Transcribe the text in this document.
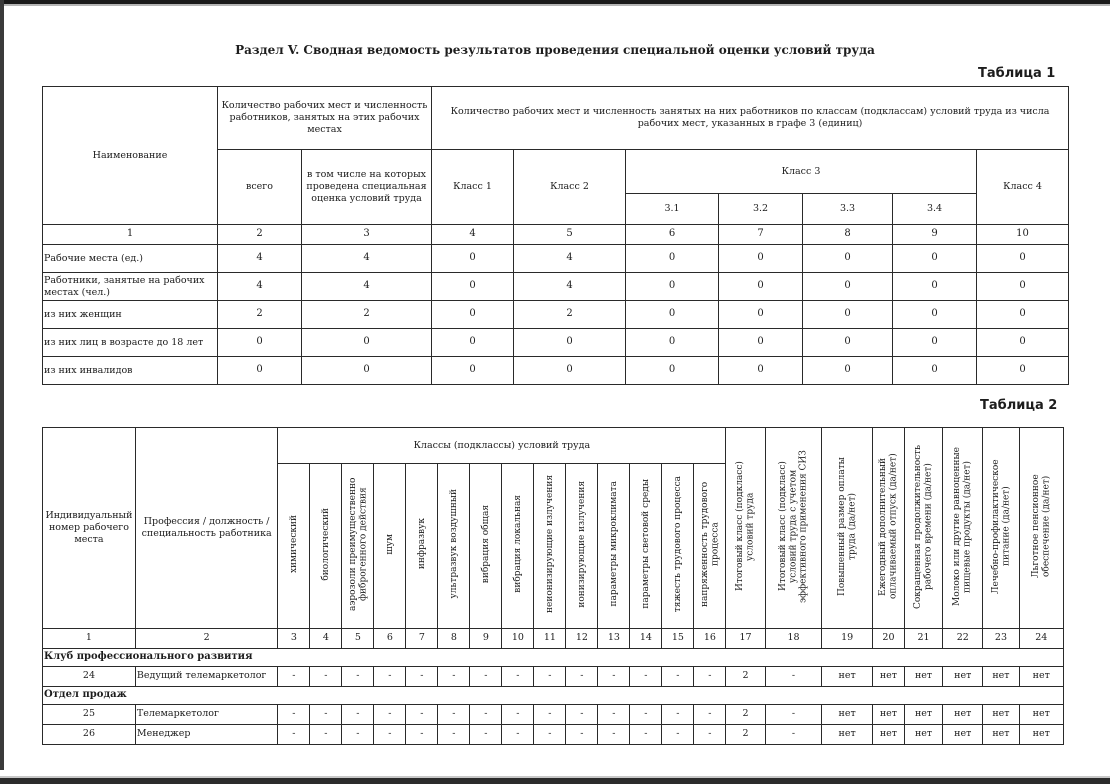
Раздел V. Сводная ведомость результатов проведения специальной оценки условий труда
Таблица 1
Наименование	Количество рабочих мест и численность работников, занятых на этих рабочих местах		Количество рабочих мест и численность занятых на них работников по классам (подклассам) условий труда из числа рабочих мест, указанных в графе 3 (единиц)						
	всего	в том числе на которых проведена специальная оценка условий труда	Класс 1	Класс 2	Класс 3				Класс 4
					3.1	3.2	3.3	3.4	
1	2	3	4	5	6	7	8	9	10
Рабочие места (ед.)	4	4	0	4	0	0	0	0	0
Работники, занятые на рабочих местах (чел.)	4	4	0	4	0	0	0	0	0
из них женщин	2	2	0	2	0	0	0	0	0
из них лиц в возрасте до 18 лет	0	0	0	0	0	0	0	0	0
из них инвалидов	0	0	0	0	0	0	0	0	0
Таблица 2
Индивидуальный номер рабочего места	Профессия / должность / специальность работника	Классы (подклассы) условий труда														Итоговый класс (подкласс) условий труда	Итоговый класс (подкласс) условий труда с учетом эффективного применения СИЗ	Повышенный размер оплаты труда (да/нет)	Ежегодный дополнительный оплачиваемый отпуск (да/нет)	Сокращенная продолжительность рабочего времени (да/нет)	Молоко или другие равноценные пищевые продукты (да/нет)	Лечебно-профилактическое питание (да/нет)	Льготное пенсионное обеспечение (да/нет)
		химический	биологический	аэрозоли преимущественно фиброгенного действия	шум	инфразвук	ультразвук воздушный	вибрация общая	вибрация локальная	неионизирующие излучения	ионизирующие излучения	параметры микроклимата	параметры световой среды	тяжесть трудового процесса	напряженность трудового процесса								
1	2	3	4	5	6	7	8	9	10	11	12	13	14	15	16	17	18	19	20	21	22	23	24
Клуб профессионального развития																							
24	Ведущий телемаркетолог	-	-	-	-	-	-	-	-	-	-	-	-	-	-	2	-	нет	нет	нет	нет	нет	нет
Отдел продаж																							
25	Телемаркетолог	-	-	-	-	-	-	-	-	-	-	-	-	-	-	2	-	нет	нет	нет	нет	нет	нет
26	Менеджер	-	-	-	-	-	-	-	-	-	-	-	-	-	-	2	-	нет	нет	нет	нет	нет	нет
